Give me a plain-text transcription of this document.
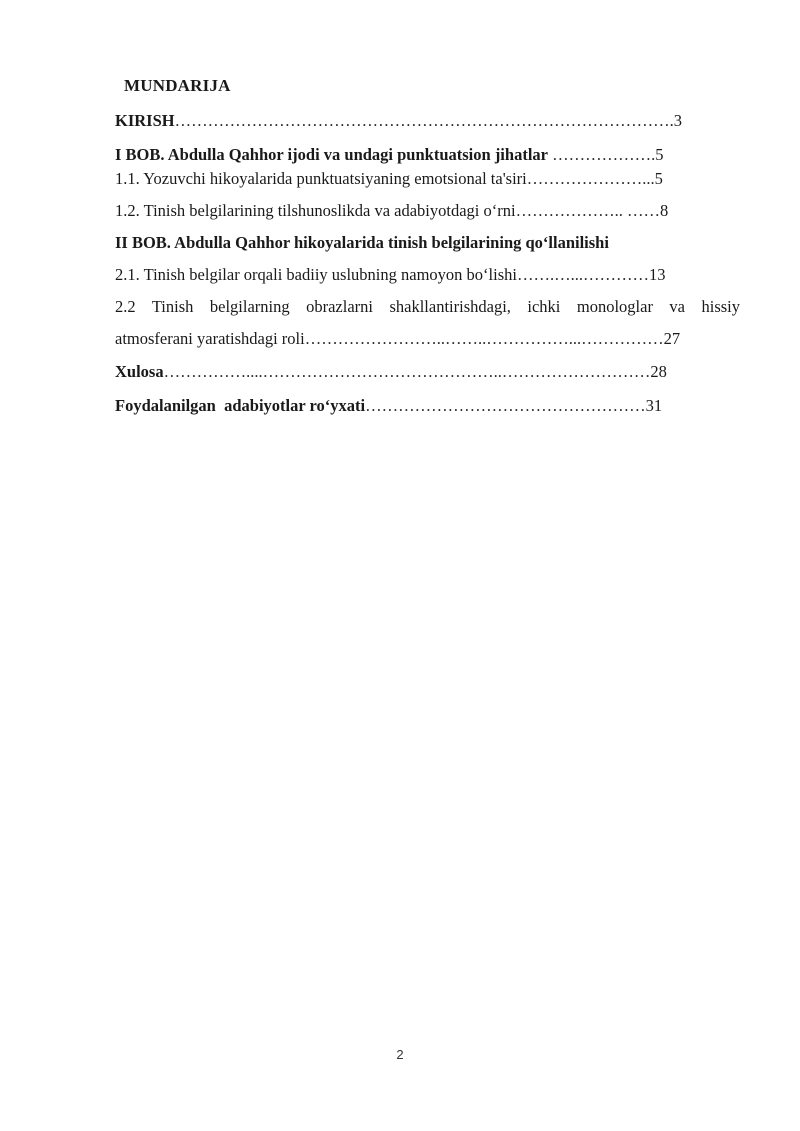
MUNDARIJA
KIRISH……………………………………………………………………………….3
I BOB. Abdulla Qahhor ijodi va undagi punktuatsion jihatlar ……………….5
1.1. Yozuvchi hikoyalarida punktuatsiyaning emotsional ta'siri…………………...5
1.2. Tinish belgilarining tilshunoslikda va adabiyotdagi o‘rni……………….. ……8
II BOB. Abdulla Qahhor hikoyalarida tinish belgilarining qo‘llanilishi
2.1. Tinish belgilar orqali badiiy uslubning namoyon bo‘lishi…….…...…………13
2.2 Tinish belgilarning obrazlarni shakllantirishdagi, ichki monologlar va hissiy
atmosferani yaratishdagi roli……………………..……..……………...……………27
Xulosa……………....……………………………………..………………………28
Foydalanilgan  adabiyotlar ro‘yxati……………………………………………31
2
